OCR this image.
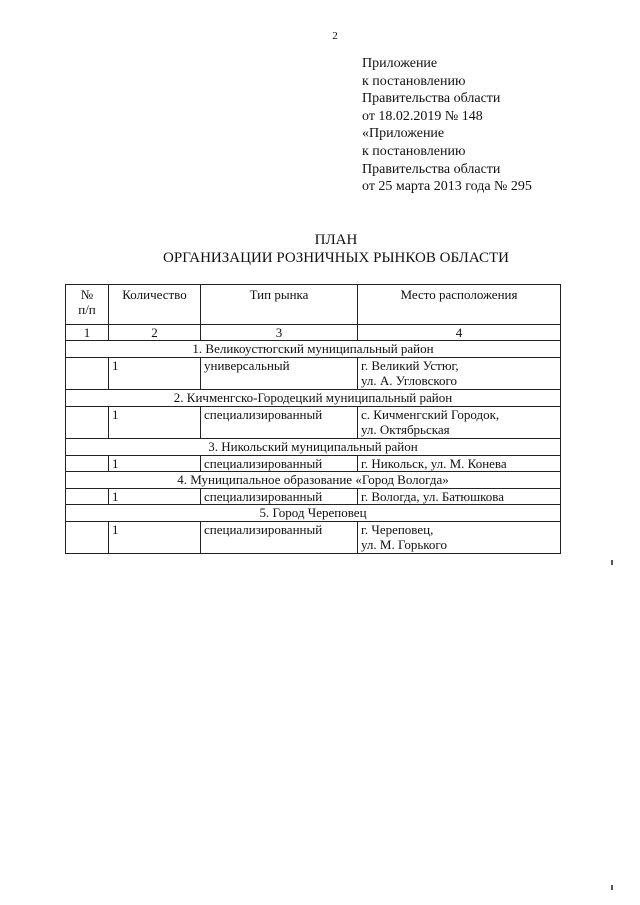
2
Приложение
к постановлению
Правительства области
от 18.02.2019 № 148
«Приложение
к постановлению
Правительства области
от 25 марта 2013 года № 295
ПЛАН
ОРГАНИЗАЦИИ РОЗНИЧНЫХ РЫНКОВ ОБЛАСТИ
№
п/п	Количество	Тип рынка	Место расположения
1	2	3	4
1. Великоустюгский муниципальный район			
	1	универсальный	г. Великий Устюг,
ул. А. Угловского

2. Кичменгско-Городецкий муниципальный район			
	1	специализированный	с. Кичменгский Городок,
ул. Октябрьская

3. Никольский муниципальный район			
	1	специализированный	г. Никольск, ул. М. Конева
4. Муниципальное образование «Город Вологда»			
	1	специализированный	г. Вологда, ул. Батюшкова
5. Город Череповец			
	1	специализированный	г. Череповец,
ул. М. Горького
